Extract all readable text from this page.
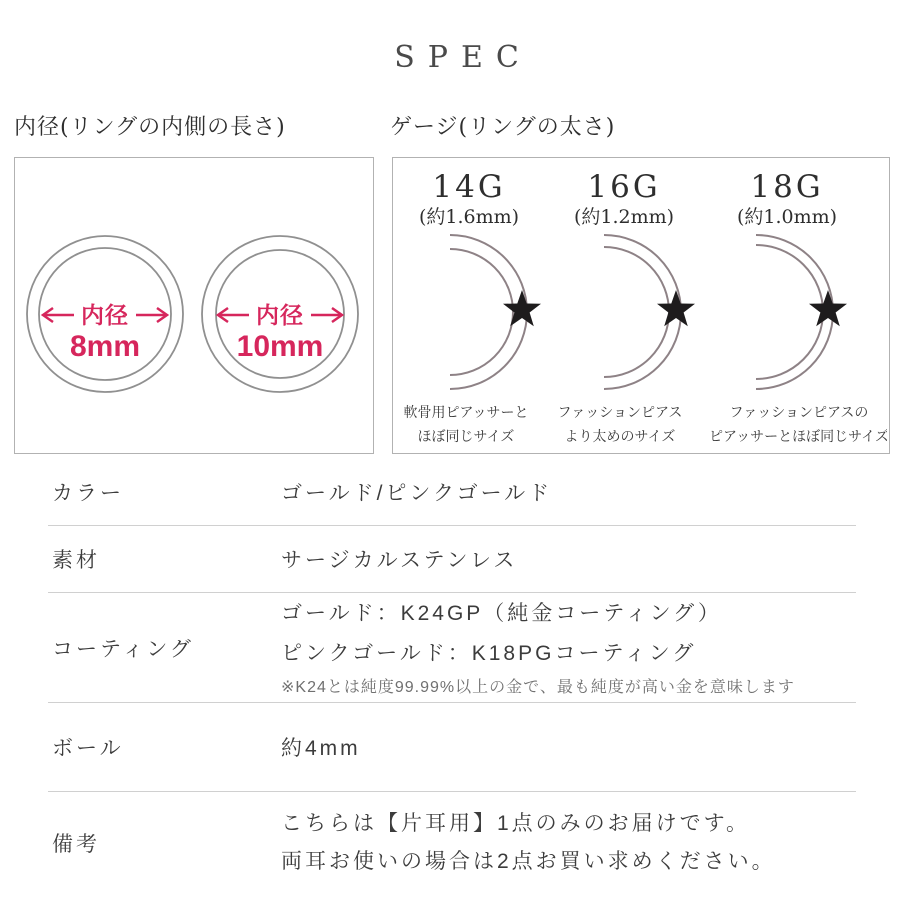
SPEC
内径(リングの内側の長さ)	ゲージ(リングの太さ)
内径
8mm
内径
10mm
14G
(約1.6mm)
軟骨用ピアッサーと
ほぼ同じサイズ
16G
(約1.2mm)
ファッションピアス
より太めのサイズ
18G
(約1.0mm)
ファッションピアスの
ピアッサーとほぼ同じサイズ
カラー	ゴールド/ピンクゴールド
素材	サージカルステンレス
コーティング
ゴールド：K24GP（純金コーティング）
ピンクゴールド：K18PGコーティング
※K24とは純度99.99%以上の金で、最も純度が高い金を意味します
ボール	約4mm
備考
こちらは【片耳用】1点のみのお届けです。
両耳お使いの場合は2点お買い求めください。
